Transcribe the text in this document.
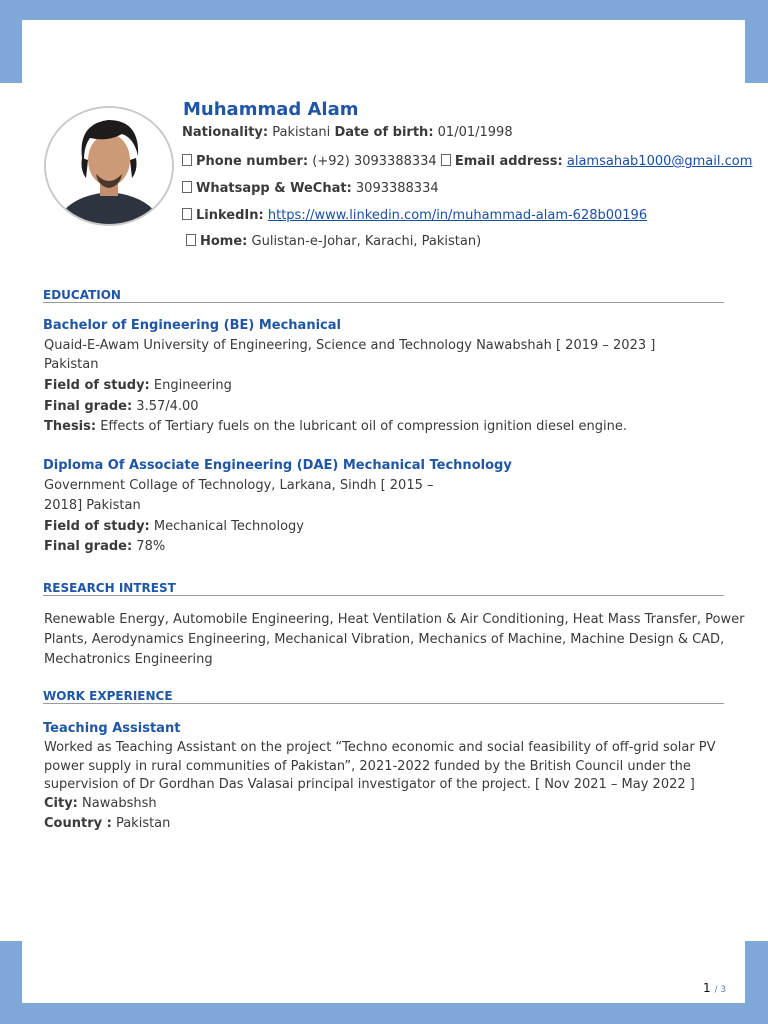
Muhammad Alam
Nationality: Pakistani Date of birth: 01/01/1998
Phone number: (+92) 3093388334 Email address: alamsahab1000@gmail.com
Whatsapp & WeChat: 3093388334
LinkedIn: https://www.linkedin.com/in/muhammad-alam-628b00196
Home: Gulistan-e-Johar, Karachi, Pakistan)
EDUCATION
Bachelor of Engineering (BE) Mechanical
Quaid-E-Awam University of Engineering, Science and Technology Nawabshah [ 2019 – 2023 ]
Pakistan
Field of study: Engineering
Final grade: 3.57/4.00
Thesis: Effects of Tertiary fuels on the lubricant oil of compression ignition diesel engine.
Diploma Of Associate Engineering (DAE) Mechanical Technology
Government Collage of Technology, Larkana, Sindh [ 2015 –
2018] Pakistan
Field of study: Mechanical Technology
Final grade: 78%
RESEARCH INTREST
Renewable Energy, Automobile Engineering, Heat Ventilation & Air Conditioning, Heat Mass Transfer, Power
Plants, Aerodynamics Engineering, Mechanical Vibration, Mechanics of Machine, Machine Design & CAD,
Mechatronics Engineering
WORK EXPERIENCE
Teaching Assistant
Worked as Teaching Assistant on the project “Techno economic and social feasibility of off-grid solar PV
power supply in rural communities of Pakistan”, 2021-2022 funded by the British Council under the
supervision of Dr Gordhan Das Valasai principal investigator of the project. [ Nov 2021 – May 2022 ]
City: Nawabshsh
Country : Pakistan
1 / 3
